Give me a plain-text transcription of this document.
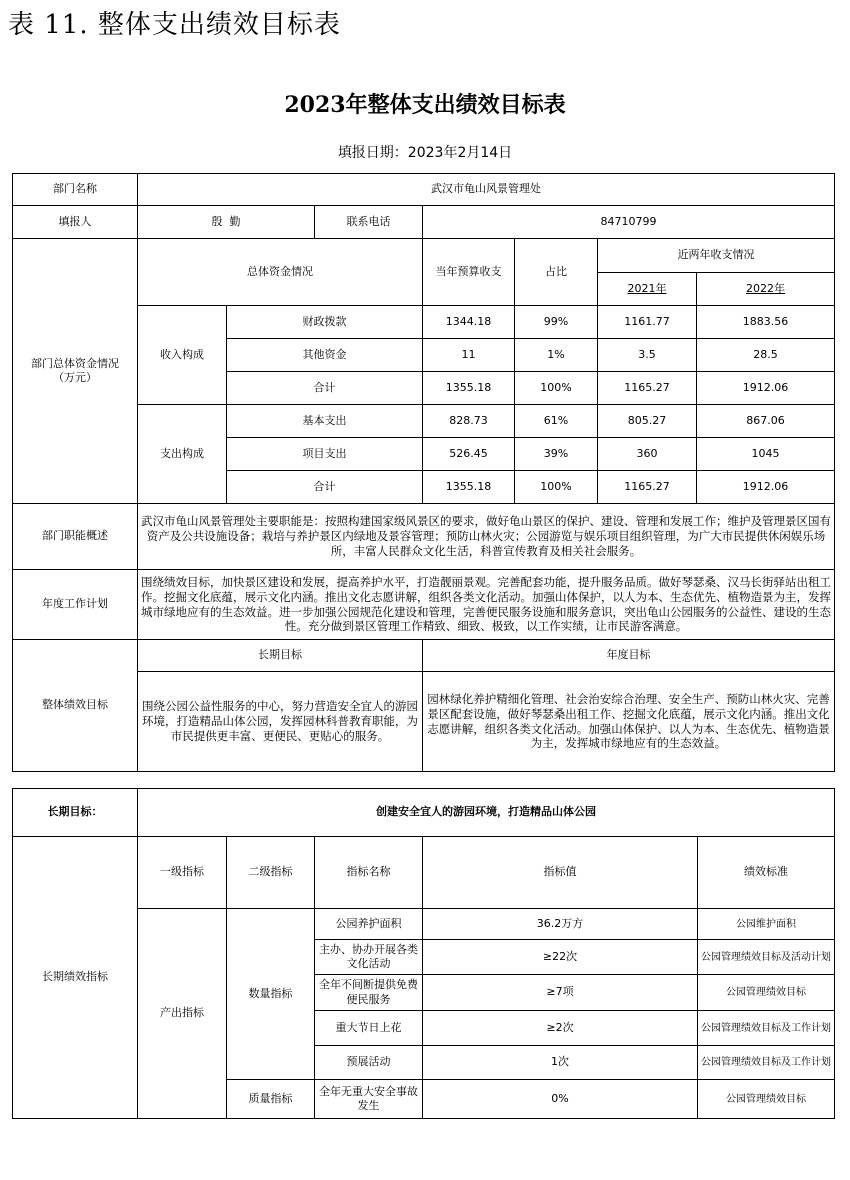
表 11. 整体支出绩效目标表
2023年整体支出绩效目标表
填报日期：2023年2月14日
部门名称	武汉市龟山风景管理处						
填报人	殷  勤		联系电话	84710799			
部门总体资金情况
（万元）	总体资金情况			当年预算收支	占比	近两年收支情况	
						2021年	2022年
	收入构成	财政拨款		1344.18	99%	1161.77	1883.56
		其他资金		11	1%	3.5	28.5
		合计		1355.18	100%	1165.27	1912.06
	支出构成	基本支出		828.73	61%	805.27	867.06
		项目支出		526.45	39%	360	1045
		合计		1355.18	100%	1165.27	1912.06

部门职能概述	武汉市龟山风景管理处主要职能是：按照构建国家级风景区的要求，做好龟山景区的保护、建设、管理和发展工作；维护及管理景区国有资产及公共设施设备；栽培与养护景区内绿地及景容管理；预防山林火灾；公园游览与娱乐项目组织管理，为广大市民提供休闲娱乐场所，丰富人民群众文化生活，科普宣传教育及相关社会服务。						
年度工作计划	围绕绩效目标，加快景区建设和发展，提高养护水平，打造靓丽景观。完善配套功能，提升服务品质。做好琴瑟桑、汉马长街驿站出租工作。挖掘文化底蕴，展示文化内涵。推出文化志愿讲解，组织各类文化活动。加强山体保护，以人为本、生态优先、植物造景为主，发挥城市绿地应有的生态效益。进一步加强公园规范化建设和管理，完善便民服务设施和服务意识，突出龟山公园服务的公益性、建设的生态性。充分做到景区管理工作精致、细致、极致，以工作实绩，让市民游客满意。						
整体绩效目标	长期目标			年度目标			
	围绕公园公益性服务的中心，努力营造安全宜人的游园环境，打造精品山体公园，发挥园林科普教育职能，为市民提供更丰富、更便民、更贴心的服务。			园林绿化养护精细化管理、社会治安综合治理、安全生产、预防山林火灾、完善景区配套设施，做好琴瑟桑出租工作、挖掘文化底蕴，展示文化内涵。推出文化志愿讲解，组织各类文化活动。加强山体保护、以人为本、生态优先、植物造景为主，发挥城市绿地应有的生态效益。			
长期目标：	创建安全宜人的游园环境，打造精品山体公园				
长期绩效指标	一级指标	二级指标	指标名称	指标值	绩效标准
	产出指标	数量指标	公园养护面积	36.2万方	公园维护面积
			主办、协办开展各类文化活动	≥22次	公园管理绩效目标及活动计划
			全年不间断提供免费便民服务	≥7项	公园管理绩效目标
			重大节日上花	≥2次	公园管理绩效目标及工作计划
			预展活动	1次	公园管理绩效目标及工作计划
		质量指标	全年无重大安全事故发生	0%	公园管理绩效目标
